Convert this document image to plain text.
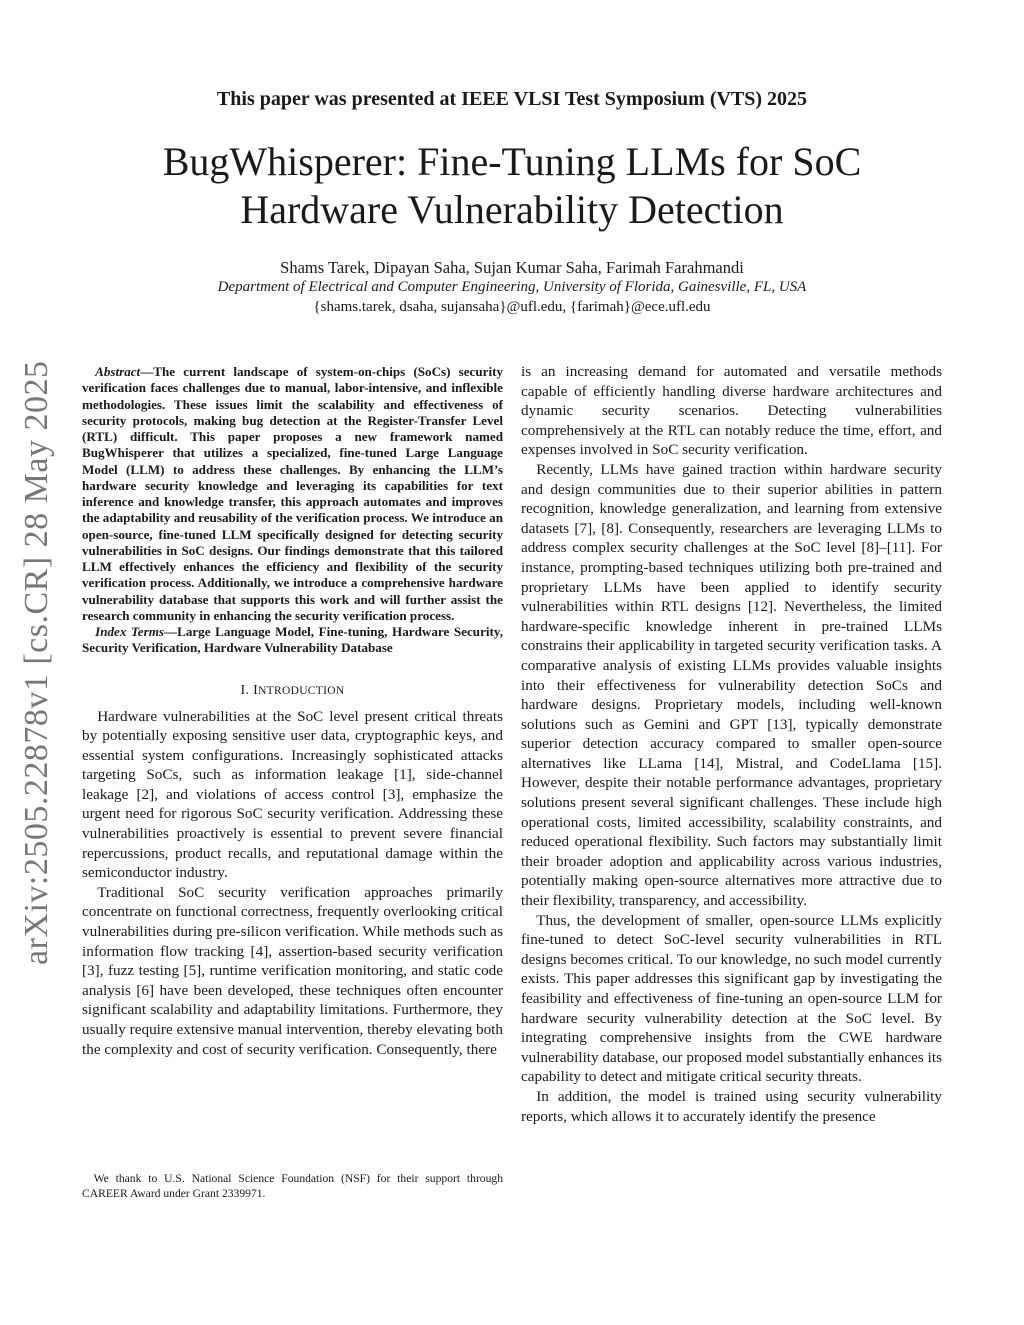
This paper was presented at IEEE VLSI Test Symposium (VTS) 2025
BugWhisperer: Fine-Tuning LLMs for SoC
Hardware Vulnerability Detection
Shams Tarek, Dipayan Saha, Sujan Kumar Saha, Farimah Farahmandi
Department of Electrical and Computer Engineering, University of Florida, Gainesville, FL, USA
{shams.tarek, dsaha, sujansaha}@ufl.edu, {farimah}@ece.ufl.edu
arXiv:2505.22878v1 [cs.CR] 28 May 2025	Abstract—The current landscape of system-on-chips (SoCs) security verification faces challenges due to manual, labor-intensive, and inflexible methodologies. These issues limit the scalability and effectiveness of security protocols, making bug detection at the Register-Transfer Level (RTL) difficult. This paper proposes a new framework named BugWhisperer that utilizes a specialized, fine-tuned Large Language Model (LLM) to address these challenges. By enhancing the LLM’s hardware security knowledge and leveraging its capabilities for text inference and knowledge transfer, this approach automates and improves the adaptability and reusability of the verification process. We introduce an open-source, fine-tuned LLM specifically designed for detecting security vulnerabilities in SoC designs. Our findings demonstrate that this tailored LLM effectively enhances the efficiency and flexibility of the security verification process. Additionally, we introduce a comprehensive hardware vulnerability database that supports this work and will further assist the research community in enhancing the security verification process.

Index Terms—Large Language Model, Fine-tuning, Hardware Security, Security Verification, Hardware Vulnerability Database

I. INTRODUCTION

Hardware vulnerabilities at the SoC level present critical threats by potentially exposing sensitive user data, cryptographic keys, and essential system configurations. Increasingly sophisticated attacks targeting SoCs, such as information leakage [1], side-channel leakage [2], and violations of access control [3], emphasize the urgent need for rigorous SoC security verification. Addressing these vulnerabilities proactively is essential to prevent severe financial repercussions, product recalls, and reputational damage within the semiconductor industry.

Traditional SoC security verification approaches primarily concentrate on functional correctness, frequently overlooking critical vulnerabilities during pre-silicon verification. While methods such as information flow tracking [4], assertion-based security verification [3], fuzz testing [5], runtime verification monitoring, and static code analysis [6] have been developed, these techniques often encounter significant scalability and adaptability limitations. Furthermore, they usually require extensive manual intervention, thereby elevating both the complexity and cost of security verification. Consequently, there

We thank to U.S. National Science Foundation (NSF) for their support through CAREER Award under Grant 2339971.

is an increasing demand for automated and versatile methods capable of efficiently handling diverse hardware architectures and dynamic security scenarios. Detecting vulnerabilities comprehensively at the RTL can notably reduce the time, effort, and expenses involved in SoC security verification.

Recently, LLMs have gained traction within hardware security and design communities due to their superior abilities in pattern recognition, knowledge generalization, and learning from extensive datasets [7], [8]. Consequently, researchers are leveraging LLMs to address complex security challenges at the SoC level [8]–[11]. For instance, prompting-based techniques utilizing both pre-trained and proprietary LLMs have been applied to identify security vulnerabilities within RTL designs [12]. Nevertheless, the limited hardware-specific knowledge inherent in pre-trained LLMs constrains their applicability in targeted security verification tasks. A comparative analysis of existing LLMs provides valuable insights into their effectiveness for vulnerability detection SoCs and hardware designs. Proprietary models, including well-known solutions such as Gemini and GPT [13], typically demonstrate superior detection accuracy compared to smaller open-source alternatives like LLama [14], Mistral, and CodeLlama [15]. However, despite their notable performance advantages, proprietary solutions present several significant challenges. These include high operational costs, limited accessibility, scalability constraints, and reduced operational flexibility. Such factors may substantially limit their broader adoption and applicability across various industries, potentially making open-source alternatives more attractive due to their flexibility, transparency, and accessibility.

Thus, the development of smaller, open-source LLMs explicitly fine-tuned to detect SoC-level security vulnerabilities in RTL designs becomes critical. To our knowledge, no such model currently exists. This paper addresses this significant gap by investigating the feasibility and effectiveness of fine-tuning an open-source LLM for hardware security vulnerability detection at the SoC level. By integrating comprehensive insights from the CWE hardware vulnerability database, our proposed model substantially enhances its capability to detect and mitigate critical security threats.

In addition, the model is trained using security vulnerability reports, which allows it to accurately identify the presence
